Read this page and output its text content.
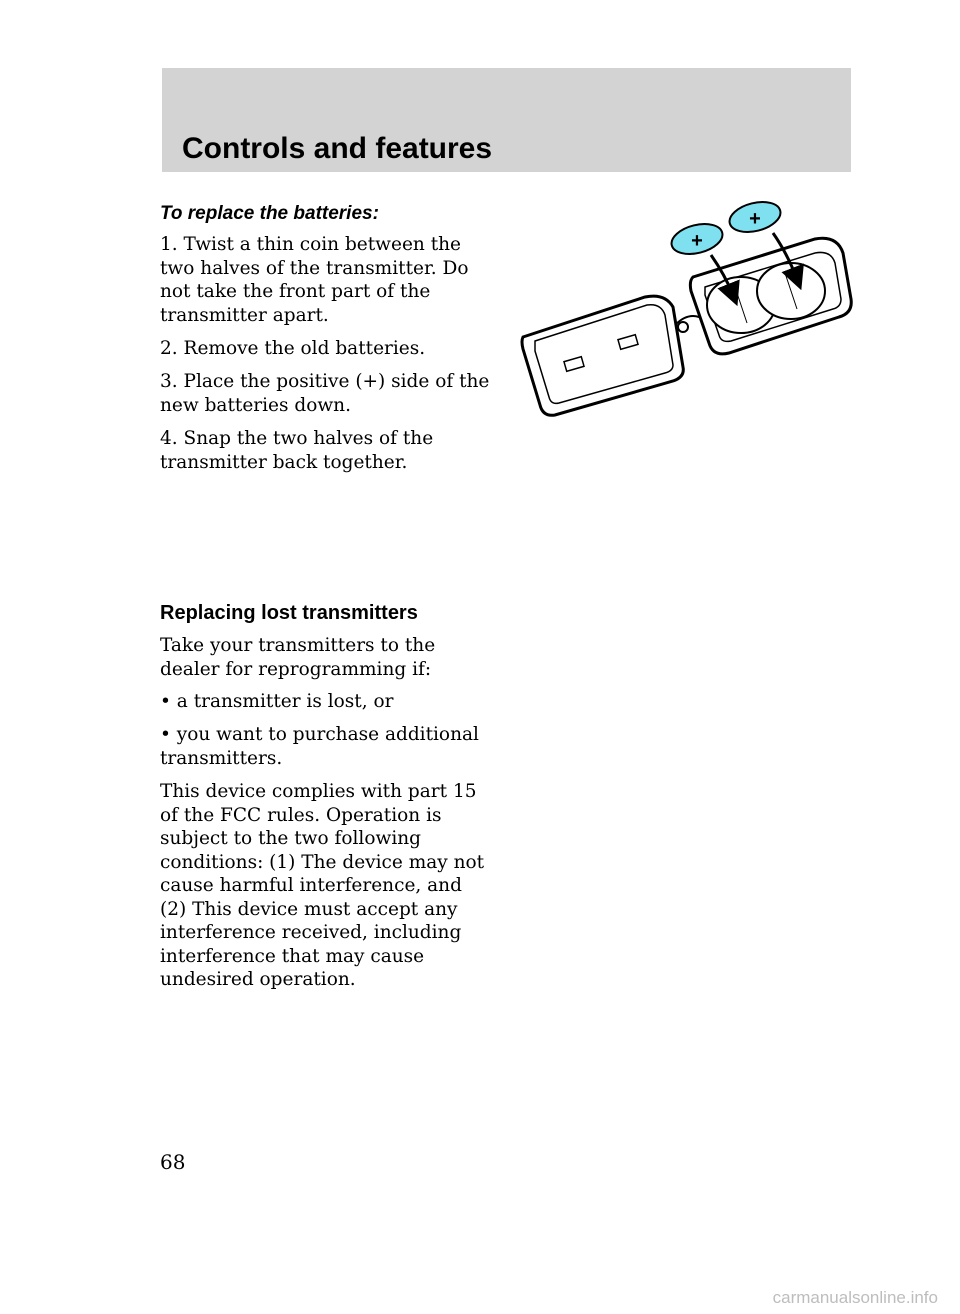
Controls and features
To replace the batteries:

1. Twist a thin coin between the
two halves of the transmitter. Do
not take the front part of the
transmitter apart.

2. Remove the old batteries.

3. Place the positive (+) side of the
new batteries down.

4. Snap the two halves of the
transmitter back together.

Replacing lost transmitters

Take your transmitters to the
dealer for reprogramming if:

• a transmitter is lost, or

• you want to purchase additional
transmitters.

This device complies with part 15
of the FCC rules. Operation is
subject to the two following
conditions: (1) The device may not
cause harmful interference, and
(2) This device must accept any
interference received, including
interference that may cause
undesired operation.

+
+
68
carmanualsonline.info
